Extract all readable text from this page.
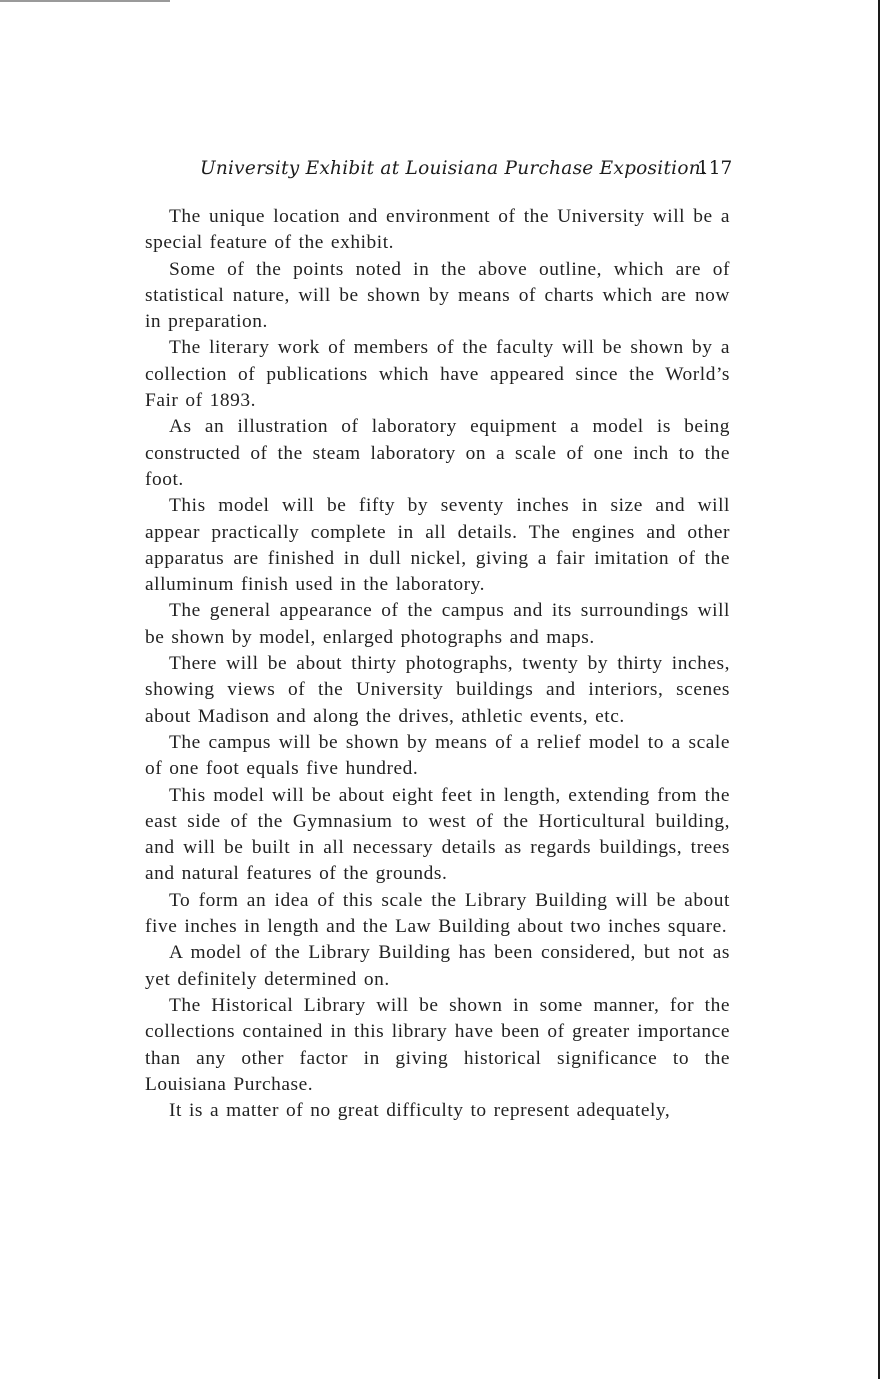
University Exhibit at Louisiana Purchase Exposition.
117

The unique location and environment of the University will be a special feature of the exhibit.

Some of the points noted in the above outline, which are of statistical nature, will be shown by means of charts which are now in preparation.

The literary work of members of the faculty will be shown by a collection of publications which have appeared since the World’s Fair of 1893.

As an illustration of laboratory equipment a model is being constructed of the steam laboratory on a scale of one inch to the foot.

This model will be fifty by seventy inches in size and will appear practically complete in all details. The engines and other apparatus are finished in dull nickel, giving a fair imitation of the alluminum finish used in the laboratory.

The general appearance of the campus and its surroundings will be shown by model, enlarged photographs and maps.

There will be about thirty photographs, twenty by thirty inches, showing views of the University buildings and interiors, scenes about Madison and along the drives, athletic events, etc.

The campus will be shown by means of a relief model to a scale of one foot equals five hundred.

This model will be about eight feet in length, extending from the east side of the Gymnasium to west of the Horticultural building, and will be built in all necessary details as regards buildings, trees and natural features of the grounds.

To form an idea of this scale the Library Building will be about five inches in length and the Law Building about two inches square.

A model of the Library Building has been considered, but not as yet definitely determined on.

The Historical Library will be shown in some manner, for the collections contained in this library have been of greater importance than any other factor in giving historical significance to the Louisiana Purchase.

It is a matter of no great difficulty to represent adequately,
